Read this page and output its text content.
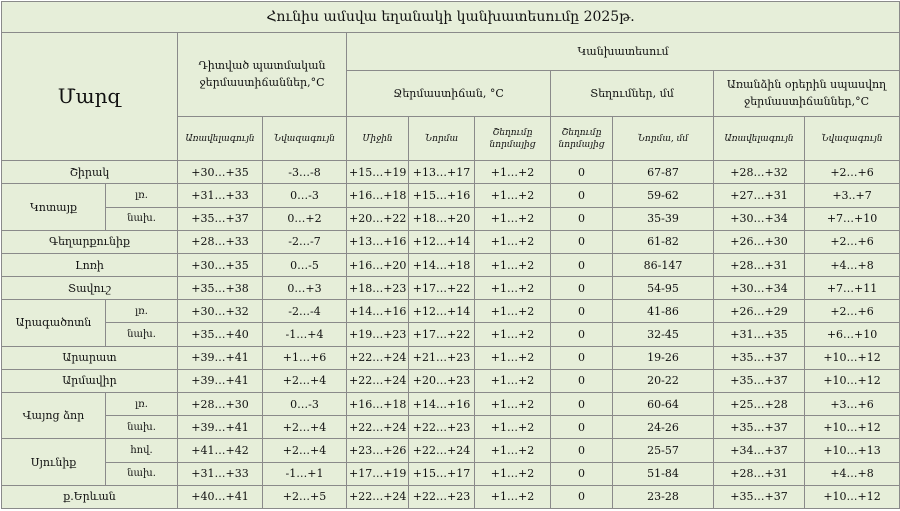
Հունիս ամսվա եղանակի կանխատեսումը 2025թ.										
Մարզ		Դիտված պատմական ջերմաստիճաններ,°C		Կանխատեսում						
				Ջերմաստիճան, °C			Տեղումներ, մմ		Առանձին օրերին սպասվող ջերմաստիճաններ,°C	
		Առավելագույն	Նվազագույն	Միջին	Նորմա	Շեղումը նորմայից	Շեղումը նորմայից	Նորմա, մմ	Առավելագույն	Նվազագույն
Շիրակ		+30…+35	-3…-8	+15…+19	+13…+17	+1…+2	0	67-87	+28…+32	+2…+6
Կոտայք	լռ.	+31…+33	0…-3	+16…+18	+15…+16	+1…+2	0	59-62	+27…+31	+3..+7
	նախ.	+35…+37	0…+2	+20…+22	+18…+20	+1…+2	0	35-39	+30…+34	+7…+10
Գեղարքունիք		+28…+33	-2…-7	+13…+16	+12…+14	+1…+2	0	61-82	+26…+30	+2…+6
Լոռի		+30…+35	0…-5	+16…+20	+14…+18	+1…+2	0	86-147	+28…+31	+4…+8
Տավուշ		+35…+38	0…+3	+18…+23	+17…+22	+1…+2	0	54-95	+30…+34	+7…+11
Արագածոտն	լռ.	+30…+32	-2…-4	+14…+16	+12…+14	+1…+2	0	41-86	+26…+29	+2…+6
	նախ.	+35…+40	-1…+4	+19…+23	+17…+22	+1…+2	0	32-45	+31…+35	+6…+10
Արարատ		+39…+41	+1…+6	+22…+24	+21…+23	+1…+2	0	19-26	+35…+37	+10…+12
Արմավիր		+39…+41	+2…+4	+22…+24	+20…+23	+1…+2	0	20-22	+35…+37	+10…+12
Վայոց ձոր	լռ.	+28…+30	0…-3	+16…+18	+14…+16	+1…+2	0	60-64	+25…+28	+3…+6
	նախ.	+39…+41	+2…+4	+22…+24	+22…+23	+1…+2	0	24-26	+35…+37	+10…+12
Սյունիք	հով.	+41…+42	+2…+4	+23…+26	+22…+24	+1…+2	0	25-57	+34…+37	+10…+13
	նախ.	+31…+33	-1…+1	+17…+19	+15…+17	+1…+2	0	51-84	+28…+31	+4…+8
ք.Երևան		+40…+41	+2…+5	+22…+24	+22…+23	+1…+2	0	23-28	+35…+37	+10…+12
